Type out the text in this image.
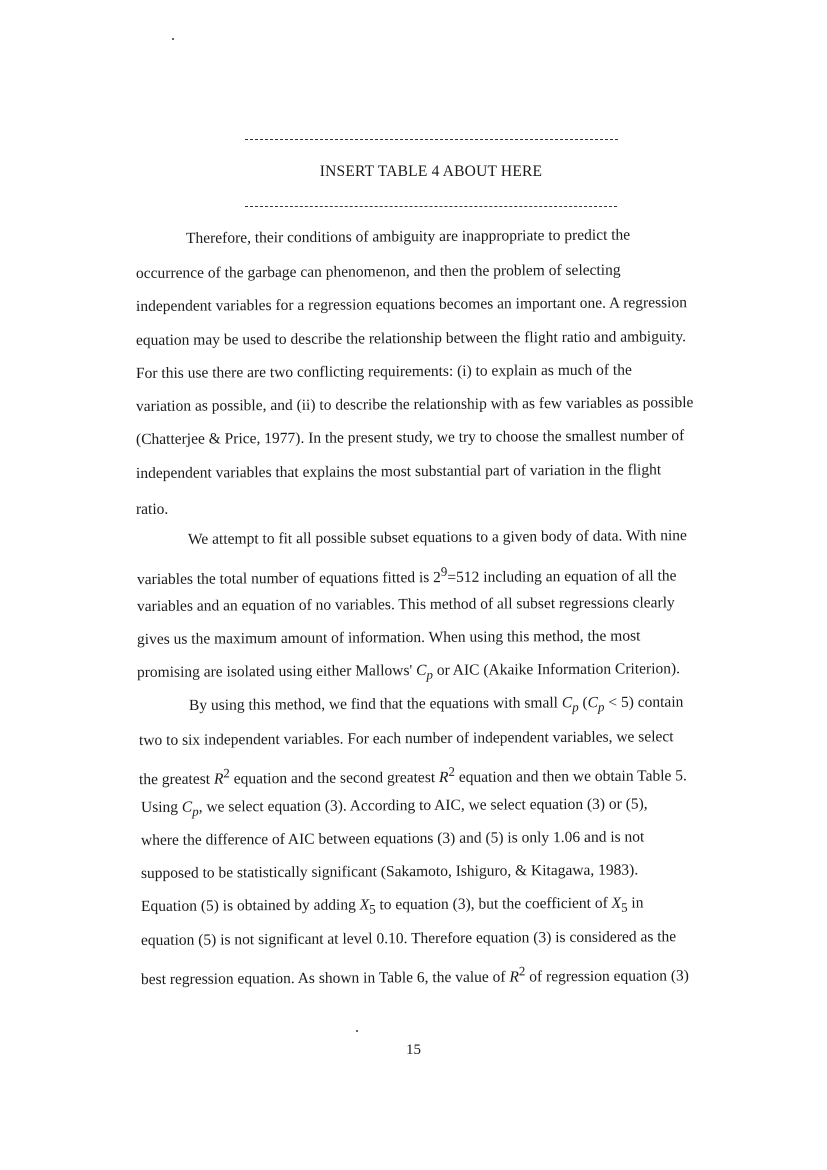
INSERT TABLE 4 ABOUT HERE
Therefore, their conditions of ambiguity are inappropriate to predict the
occurrence of the garbage can phenomenon, and then the problem of selecting
independent variables for a regression equations becomes an important one. A regression
equation may be used to describe the relationship between the flight ratio and ambiguity.
For this use there are two conflicting requirements: (i) to explain as much of the
variation as possible, and (ii) to describe the relationship with as few variables as possible
(Chatterjee & Price, 1977). In the present study, we try to choose the smallest number of
independent variables that explains the most substantial part of variation in the flight
ratio.
We attempt to fit all possible subset equations to a given body of data. With nine
variables the total number of equations fitted is $2^9=512$ including an equation of all the
variables and an equation of no variables. This method of all subset regressions clearly
gives us the maximum amount of information. When using this method, the most
promising are isolated using either Mallows' $C_p$ or AIC (Akaike Information Criterion).
By using this method, we find that the equations with small $C_p$ $(C_p < 5)$ contain
two to six independent variables. For each number of independent variables, we select
the greatest $R^2$ equation and the second greatest $R^2$ equation and then we obtain Table 5.
Using $C_p$, we select equation (3). According to AIC, we select equation (3) or (5),
where the difference of AIC between equations (3) and (5) is only 1.06 and is not
supposed to be statistically significant (Sakamoto, Ishiguro, & Kitagawa, 1983).
Equation (5) is obtained by adding $X_5$ to equation (3), but the coefficient of $X_5$ in
equation (5) is not significant at level 0.10. Therefore equation (3) is considered as the
best regression equation. As shown in Table 6, the value of $R^2$ of regression equation (3)
15
